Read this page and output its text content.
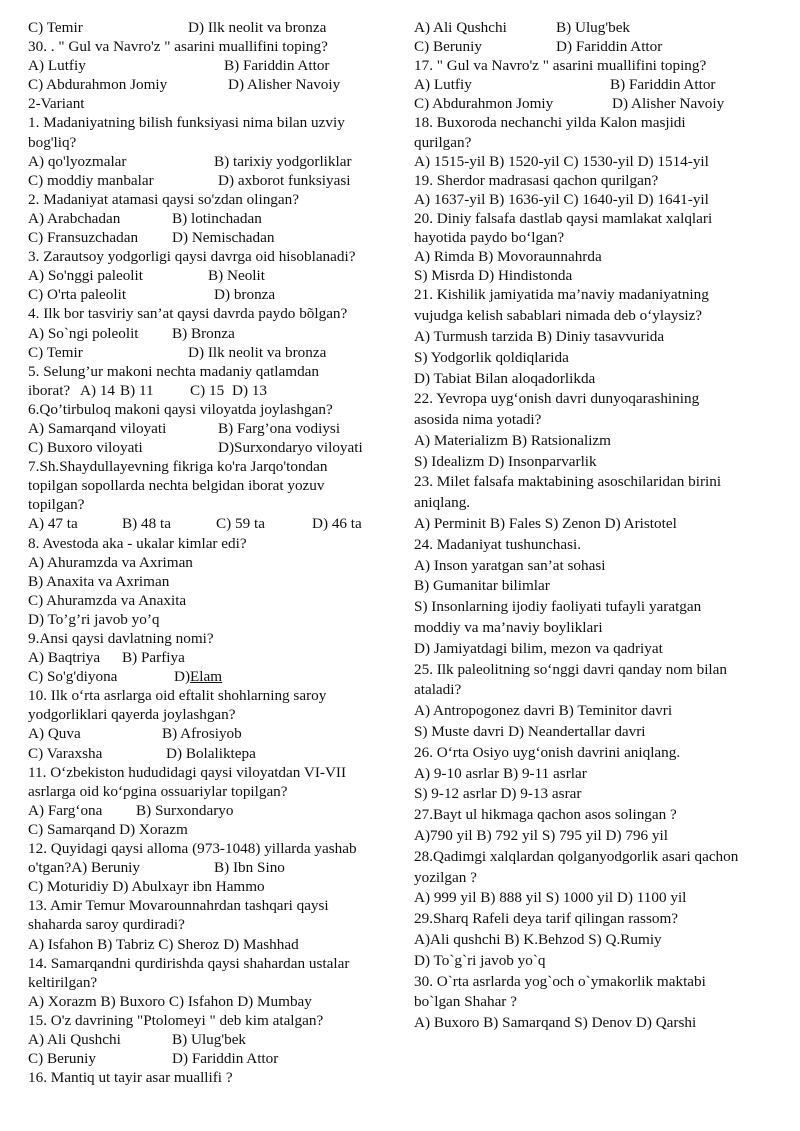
C) Temir	D) Ilk neolit va bronza
30. . " Gul va Navro'z " asarini muallifini toping?
A) Lutfiy	B) Fariddin Attor
C) Abdurahmon Jomiy	D) Alisher Navoiy
2-Variant
1. Madaniyatning bilish funksiyasi nima bilan uzviy
bog'liq?
A) qo'lyozmalar	B) tarixiy yodgorliklar
C) moddiy manbalar	D) axborot funksiyasi
2. Madaniyat atamasi qaysi so'zdan olingan?
A) Arabchadan	B) lotinchadan
C) Fransuzchadan D) Nemischadan
3. Zarautsoy yodgorligi qaysi davrga oid hisoblanadi?
A) So'nggi paleolit	B) Neolit
C) O'rta paleolit	D) bronza
4. Ilk bor tasviriy san’at qaysi davrda paydo bõlgan?
A) So`ngi poleolit B) Bronza
C) Temir	D) Ilk neolit va bronza
5. Selung’ur makoni nechta madaniy qatlamdan
iborat? A) 14 B) 11 C) 15 D) 13
6.Qo’tirbuloq makoni qaysi viloyatda joylashgan?
A) Samarqand viloyati	B) Farg’ona vodiysi
C) Buxoro viloyati	D)Surxondaryo viloyati
7.Sh.Shaydullayevning fikriga ko'ra Jarqo'tondan
topilgan sopollarda nechta belgidan iborat yozuv
topilgan?
A) 47 ta	B) 48 ta	C) 59 ta	D) 46 ta
8. Avestoda aka - ukalar kimlar edi?
A) Ahuramzda va Axriman
B) Anaxita va Axriman
C) Ahuramzda va Anaxita
D) To’g’ri javob yo’q
9.Ansi qaysi davlatning nomi?
A) Baqtriya B) Parfiya
C) So'g'diyona	D)Elam
10. Ilk o‘rta asrlarga oid eftalit shohlarning saroy
yodgorliklari qayerda joylashgan?
A) Quva	B) Afrosiyob
C) Varaxsha	D) Bolaliktepa
11. O‘zbekiston hududidagi qaysi viloyatdan VI-VII
asrlarga oid ko‘pgina ossuariylar topilgan?
A) Farg‘ona B) Surxondaryo
C) Samarqand D) Xorazm
12. Quyidagi qaysi alloma (973-1048) yillarda yashab
o'tgan?A) Beruniy	B) Ibn Sino
C) Moturidiy D) Abulxayr ibn Hammo
13. Amir Temur Movarounnahrdan tashqari qaysi
shaharda saroy qurdiradi?
A) Isfahon B) Tabriz C) Sheroz D) Mashhad
14. Samarqandni qurdirishda qaysi shahardan ustalar
keltirilgan?
A) Xorazm B) Buxoro C) Isfahon D) Mumbay
15. O'z davrining "Ptolomeyi " deb kim atalgan?
A) Ali Qushchi	B) Ulug'bek
C) Beruniy	D) Fariddin Attor
16. Mantiq ut tayir asar muallifi ?
A) Ali Qushchi	B) Ulug'bek
C) Beruniy	D) Fariddin Attor
17. " Gul va Navro'z " asarini muallifini toping?
A) Lutfiy	B) Fariddin Attor
C) Abdurahmon Jomiy	D) Alisher Navoiy
18. Buxoroda nechanchi yilda Kalon masjidi
qurilgan?
A) 1515-yil B) 1520-yil C) 1530-yil D) 1514-yil
19. Sherdor madrasasi qachon qurilgan?
A) 1637-yil B) 1636-yil C) 1640-yil D) 1641-yil
20. Diniy falsafa dastlab qaysi mamlakat xalqlari
hayotida paydo bo‘lgan?
A) Rimda B) Movoraunnahrda
S) Misrda D) Hindistonda
21. Kishilik jamiyatida ma’naviy madaniyatning
vujudga kelish sabablari nimada deb o‘ylaysiz?
A) Turmush tarzida B) Diniy tasavvurida
S) Yodgorlik qoldiqlarida
D) Tabiat Bilan aloqadorlikda
22. Yevropa uyg‘onish davri dunyoqarashining
asosida nima yotadi?
A) Materializm B) Ratsionalizm
S) Idealizm D) Insonparvarlik
23. Milet falsafa maktabining asoschilaridan birini
aniqlang.
A) Perminit B) Fales S) Zenon D) Aristotel
24. Madaniyat tushunchasi.
A) Inson yaratgan san’at sohasi
B) Gumanitar bilimlar
S) Insonlarning ijodiy faoliyati tufayli yaratgan
moddiy va ma’naviy boyliklari
D) Jamiyatdagi bilim, mezon va qadriyat
25. Ilk paleolitning so‘nggi davri qanday nom bilan
ataladi?
A) Antropogonez davri B) Teminitor davri
S) Muste davri D) Neandertallar davri
26. O‘rta Osiyo uyg‘onish davrini aniqlang.
A) 9-10 asrlar B) 9-11 asrlar
S) 9-12 asrlar D) 9-13 asrar
27.Bayt ul hikmaga qachon asos solingan ?
A)790 yil B) 792 yil S) 795 yil D) 796 yil
28.Qadimgi xalqlardan qolganyodgorlik asari qachon
yozilgan ?
A) 999 yil B) 888 yil S) 1000 yil D) 1100 yil
29.Sharq Rafeli deya tarif qilingan rassom?
A)Ali qushchi B) K.Behzod S) Q.Rumiy
D) To`g`ri javob yo`q
30. O`rta asrlarda yog`och o`ymakorlik maktabi
bo`lgan Shahar ?
A) Buxoro B) Samarqand S) Denov D) Qarshi
